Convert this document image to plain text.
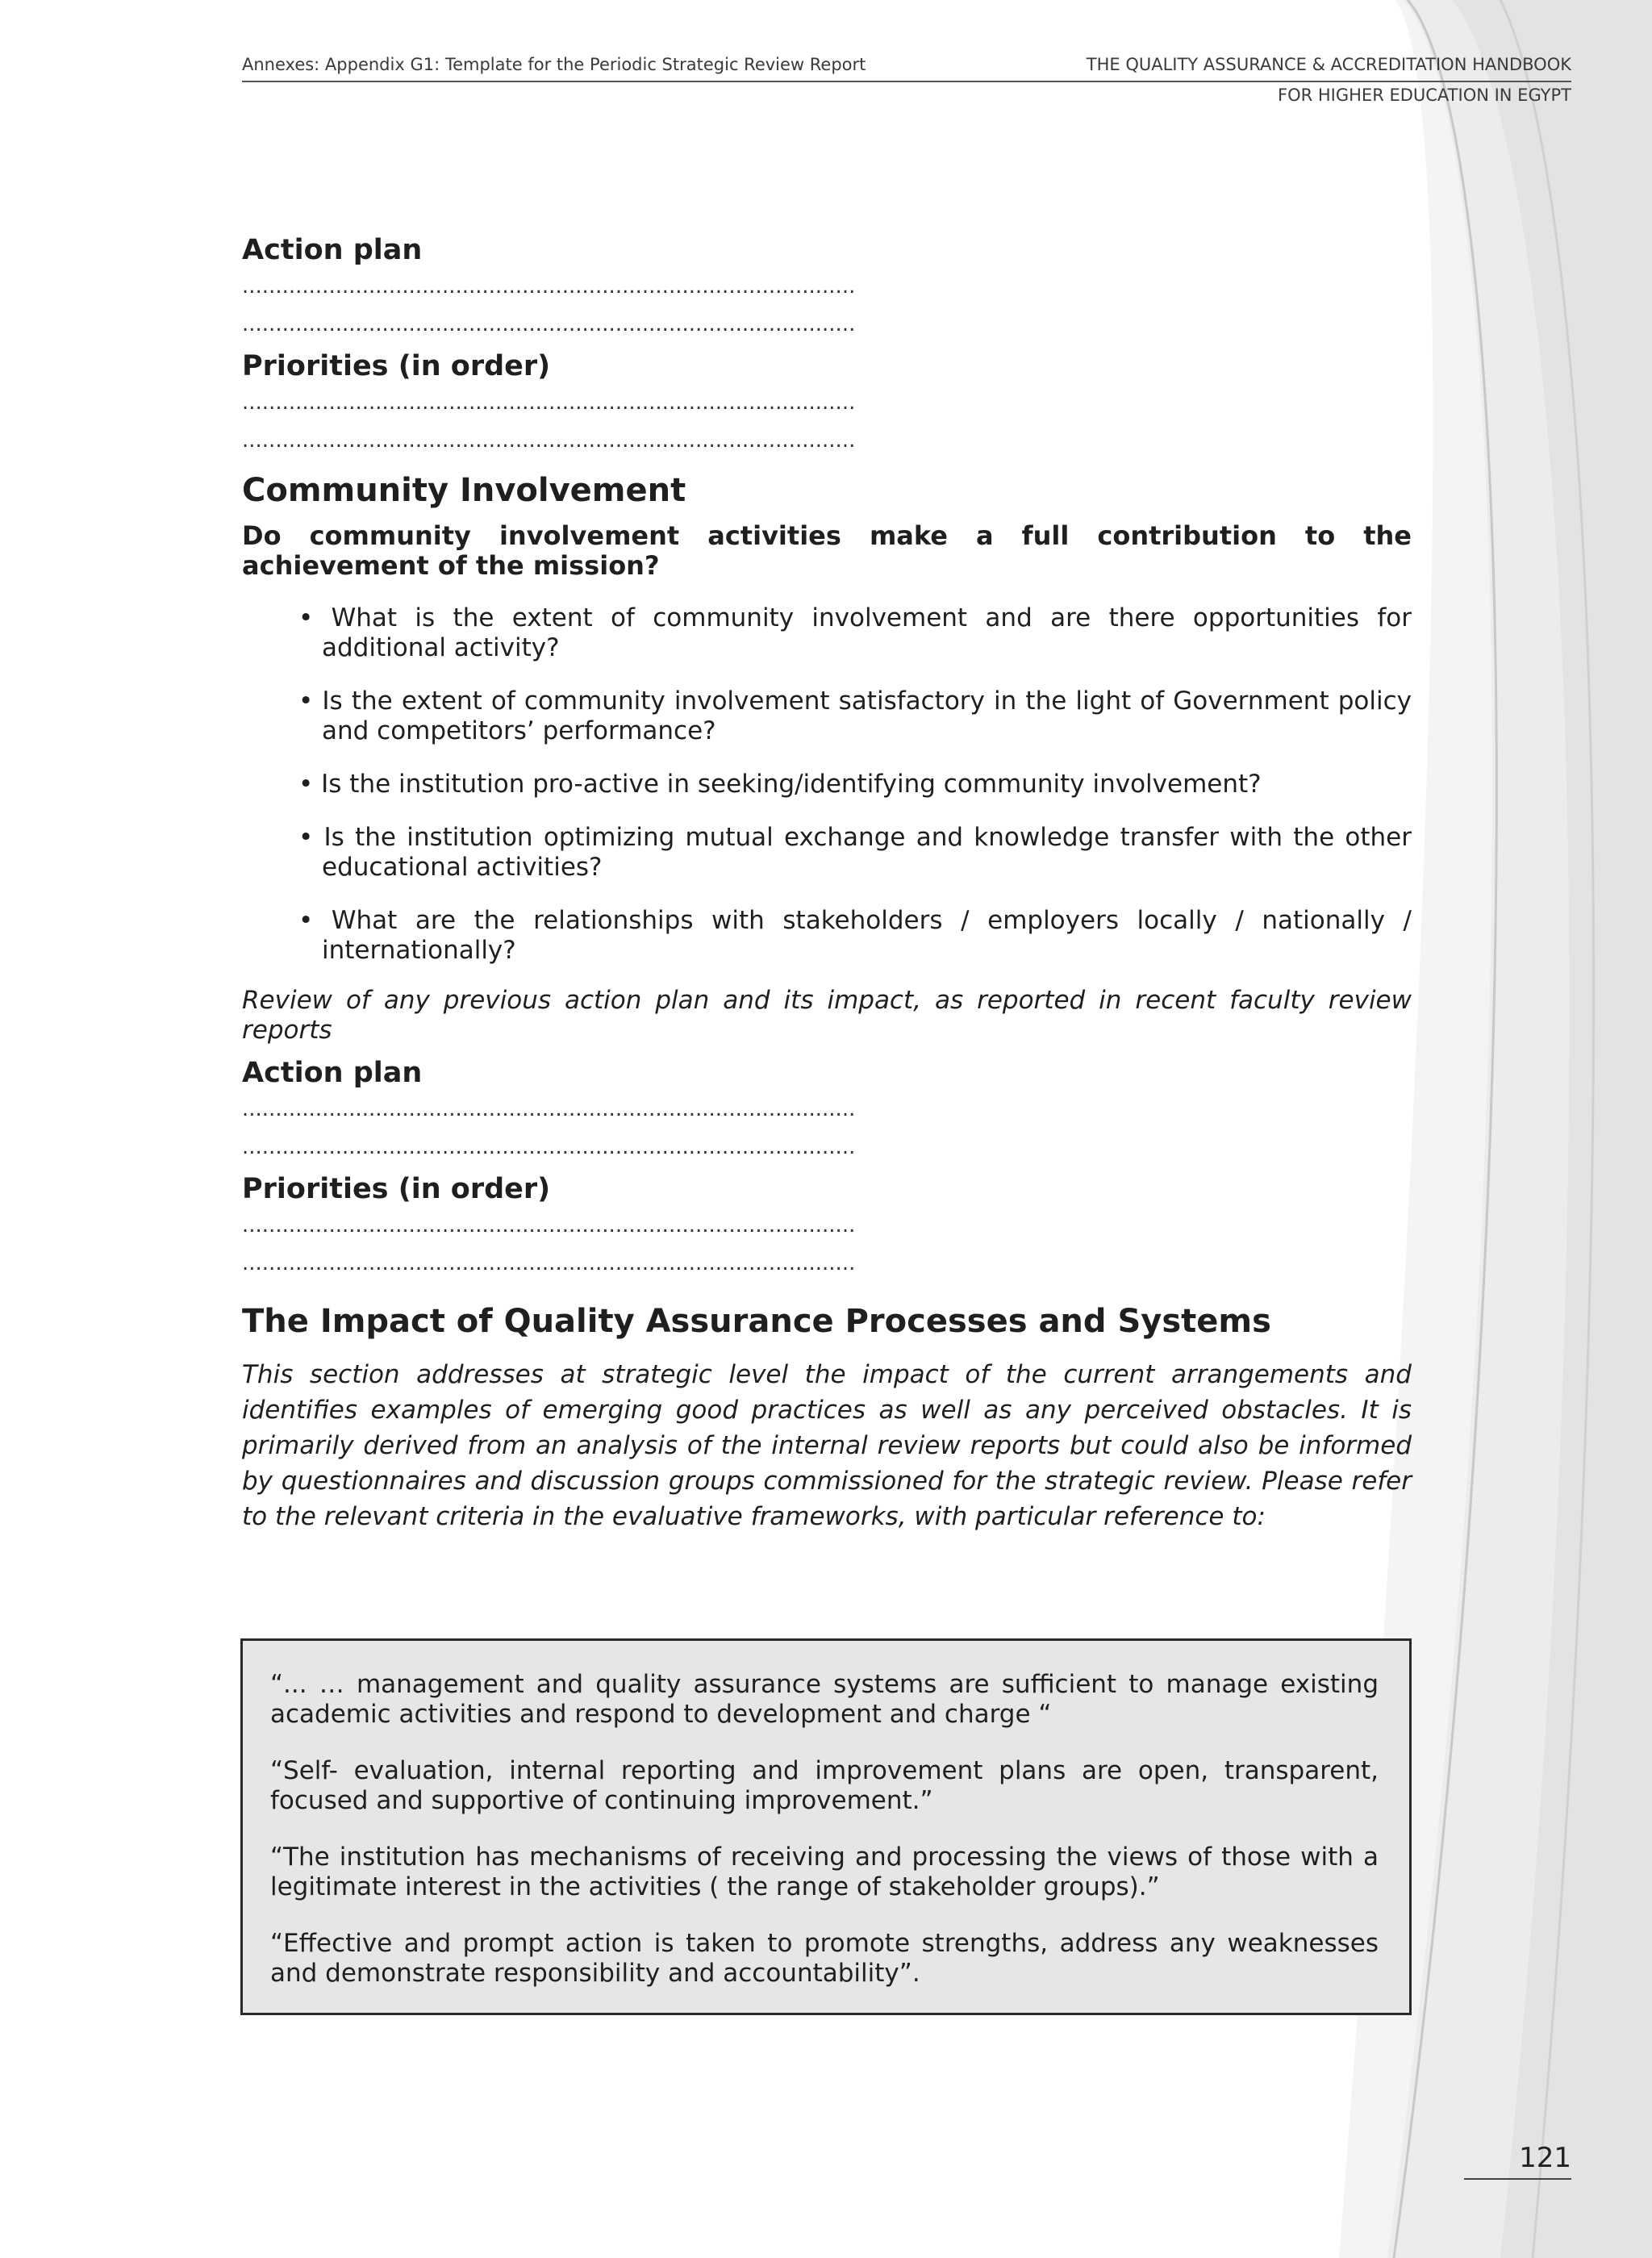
Annexes: Appendix G1: Template for the Periodic Strategic Review Report	THE QUALITY ASSURANCE & ACCREDITATION HANDBOOK
FOR HIGHER EDUCATION IN EGYPT

Action plan

............................................................................................
............................................................................................

Priorities (in order)

............................................................................................
............................................................................................
Community Involvement

Do community involvement activities make a full contribution to the achievement of the mission?

• What is the extent of community involvement and are there opportunities for additional activity?
• Is the extent of community involvement satisfactory in the light of Government policy and competitors’ performance?
• Is the institution pro-active in seeking/identifying community involvement?
• Is the institution optimizing mutual exchange and knowledge transfer with the other educational activities?
• What are the relationships with stakeholders / employers locally / nationally / internationally?

Review of any previous action plan and its impact, as reported in recent faculty review reports

Action plan

............................................................................................
............................................................................................

Priorities (in order)

............................................................................................
............................................................................................
The Impact of Quality Assurance Processes and Systems

This section addresses at strategic level the impact of the current arrangements and identifies examples of emerging good practices as well as any perceived obstacles. It is primarily derived from an analysis of the internal review reports but could also be informed by questionnaires and discussion groups commissioned for the strategic review. Please refer to the relevant criteria in the evaluative frameworks, with particular reference to:

“... … management and quality assurance systems are sufficient to manage existing academic activities and respond to development and charge “

“Self- evaluation, internal reporting and improvement plans are open, transparent, focused and supportive of continuing improvement.”

“The institution has mechanisms of receiving and processing the views of those with a legitimate interest in the activities ( the range of stakeholder groups).”

“Effective and prompt action is taken to promote strengths, address any weaknesses and demonstrate responsibility and accountability”.

121
